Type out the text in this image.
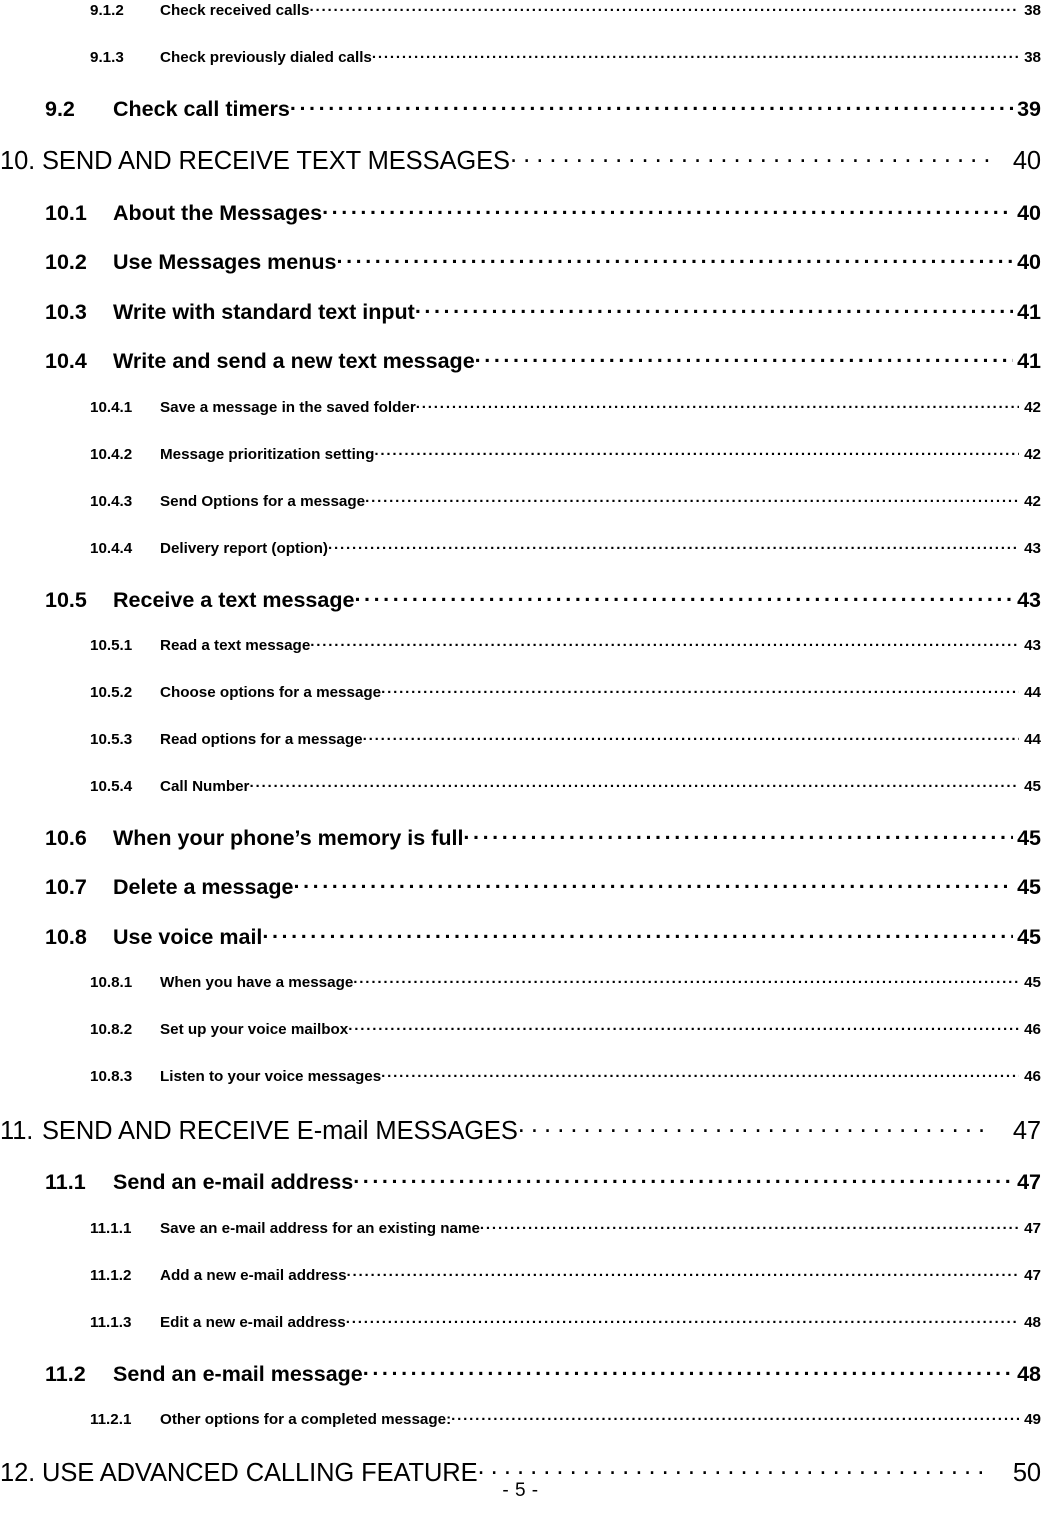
9.1.2	Check received calls . . .	38
9.1.3	Check previously dialed calls . . .	38
9.2	Check call timers . . .	39
10. SEND AND RECEIVE TEXT MESSAGES . . .	40
10.1	About the Messages . . .	40
10.2	Use Messages menus . . .	40
10.3	Write with standard text input . . .	41
10.4	Write and send a new text message . . .	41
10.4.1	Save a message in the saved folder . . .	42
10.4.2	Message prioritization setting . . .	42
10.4.3	Send Options for a message . . .	42
10.4.4	Delivery report (option) . . .	43
10.5	Receive a text message . . .	43
10.5.1	Read a text message . . .	43
10.5.2	Choose options for a message . . .	44
10.5.3	Read options for a message . . .	44
10.5.4	Call Number . . .	45
10.6	When your phone’s memory is full . . .	45
10.7	Delete a message . . .	45
10.8	Use voice mail . . .	45
10.8.1	When you have a message . . .	45
10.8.2	Set up your voice mailbox . . .	46
10.8.3	Listen to your voice messages . . .	46
11. SEND AND RECEIVE E-mail MESSAGES . . .	47
11.1	Send an e-mail address . . .	47
11.1.1	Save an e-mail address for an existing name . . .	47
11.1.2	Add a new e-mail address . . .	47
11.1.3	Edit a new e-mail address . . .	48
11.2	Send an e-mail message . . .	48
11.2.1	Other options for a completed message: . . .	49
12. USE ADVANCED CALLING FEATURE . . .	50
- 5 -
